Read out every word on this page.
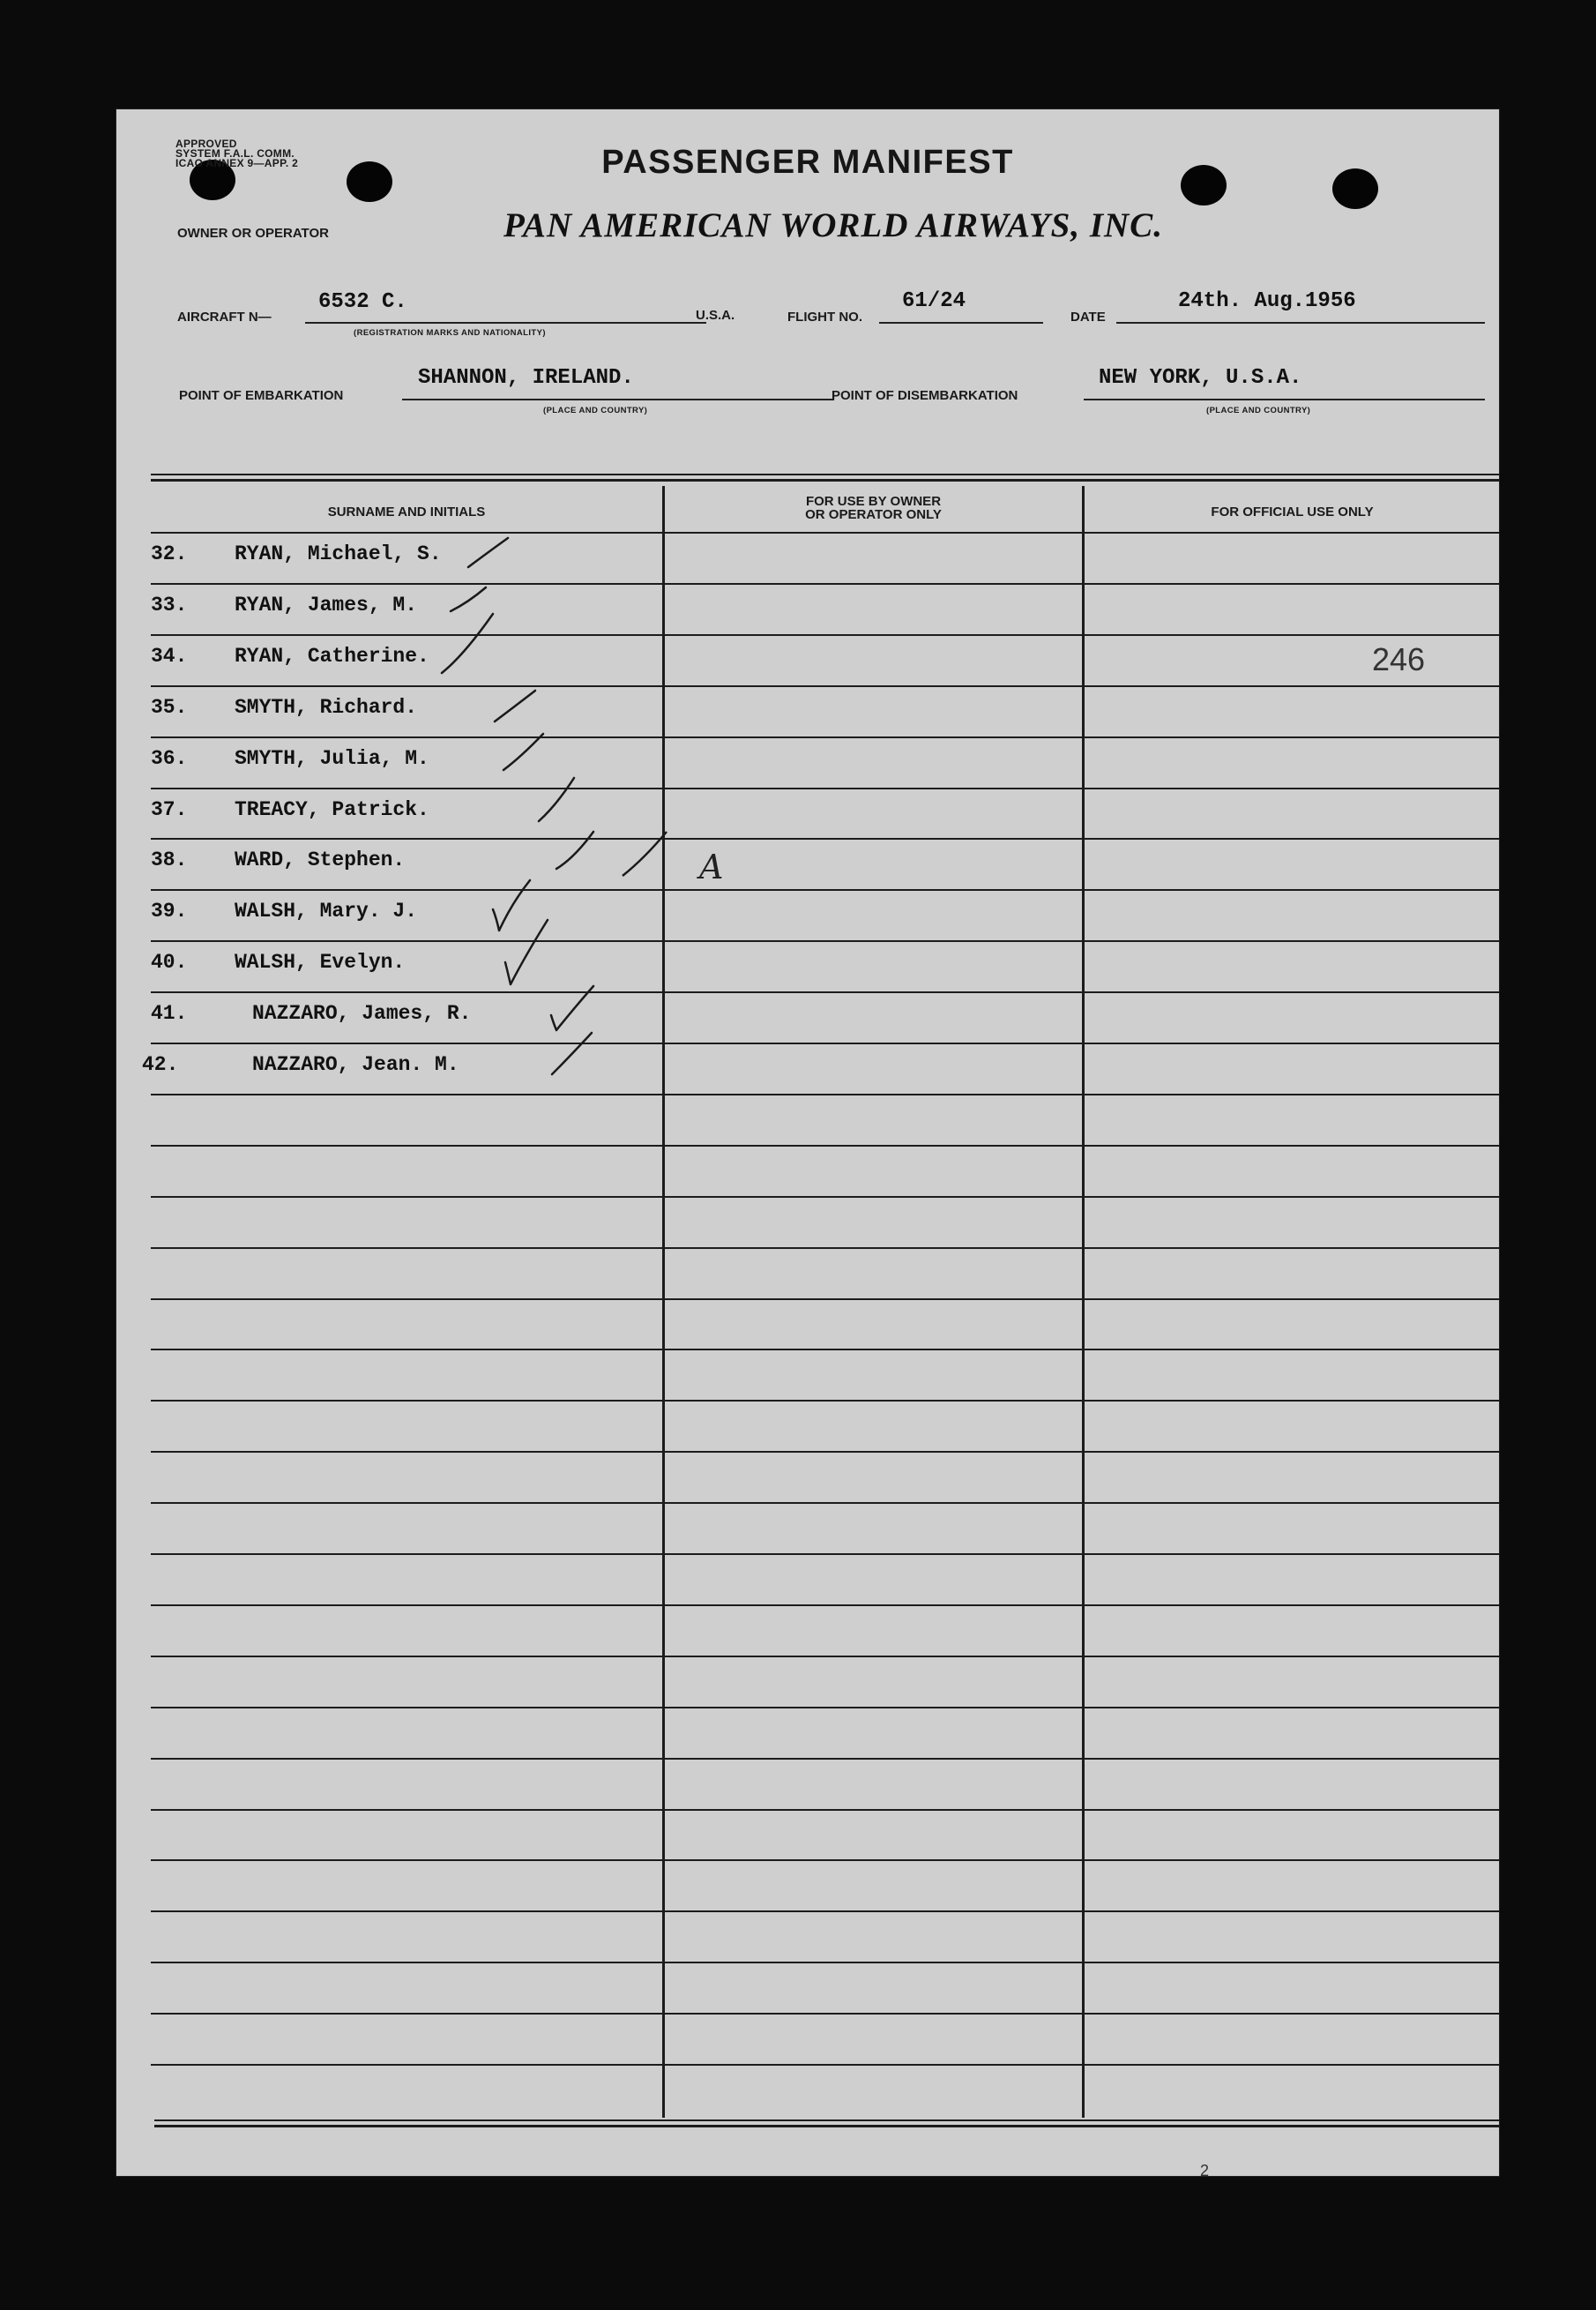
APPROVED
SYSTEM F.A.L. COMM.
ICAO ANNEX 9—APP. 2	PASSENGER MANIFEST
OWNER OR OPERATOR	PAN AMERICAN WORLD AIRWAYS, INC.
AIRCRAFT N—
6532 C.
(REGISTRATION MARKS AND NATIONALITY)
U.S.A.	FLIGHT NO.
61/24
DATE
24th. Aug.1956
POINT OF EMBARKATION
SHANNON, IRELAND.
(PLACE AND COUNTRY)
POINT OF DISEMBARKATION
NEW YORK, U.S.A.
(PLACE AND COUNTRY)
SURNAME AND INITIALS
FOR USE BY OWNER
OR OPERATOR ONLY	FOR OFFICIAL USE ONLY
32. RYAN, Michael, S.
33. RYAN, James, M.
34. RYAN, Catherine.
35. SMYTH, Richard.
36. SMYTH, Julia, M.
37. TREACY, Patrick.
38. WARD, Stephen.
39. WALSH, Mary. J.
40. WALSH, Evelyn.
41.	NAZZARO, James, R.
42.	NAZZARO, Jean. M.
246
2
A
